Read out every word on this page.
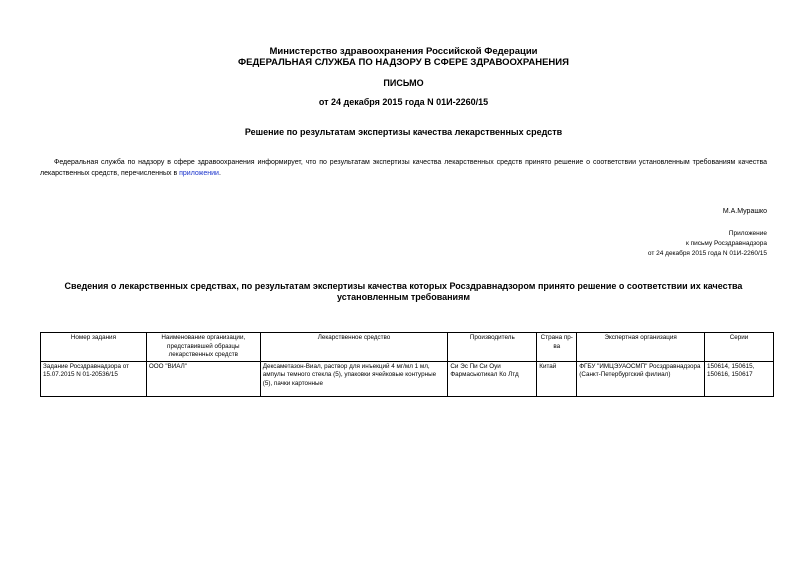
Министерство здравоохранения Российской Федерации
ФЕДЕРАЛЬНАЯ СЛУЖБА ПО НАДЗОРУ В СФЕРЕ ЗДРАВООХРАНЕНИЯ
ПИСЬМО
от 24 декабря 2015 года N 01И-2260/15
Решение по результатам экспертизы качества лекарственных средств

Федеральная служба по надзору в сфере здравоохранения информирует, что по результатам экспертизы качества лекарственных средств принято решение о соответствии установленным требованиям качества лекарственных средств, перечисленных в приложении.

М.А.Мурашко
Приложение
к письму Росздравнадзора
от 24 декабря 2015 года N 01И-2260/15
Сведения о лекарственных средствах, по результатам экспертизы качества которых Росздравнадзором принято решение о соответствии их качества установленным требованиям
Номер задания	Наименование организации, представившей образцы лекарственных средств	Лекарственное средство	Производитель	Страна пр-ва	Экспертная организация	Серии
Задание Росздравнадзора от 15.07.2015 N 01-20536/15	ООО "ВИАЛ"	Дексаметазон-Виал, раствор для инъекций 4 мг/мл 1 мл, ампулы темного стекла (5), упаковки ячейковые контурные (5), пачки картонные	Си Эс Пи Си Оуи Фармасьютикал Ко Лтд	Китай	ФГБУ "ИМЦЭУАОСМП" Росздравнадзора (Санкт-Петербургский филиал)	150614, 150615, 150616, 150617
